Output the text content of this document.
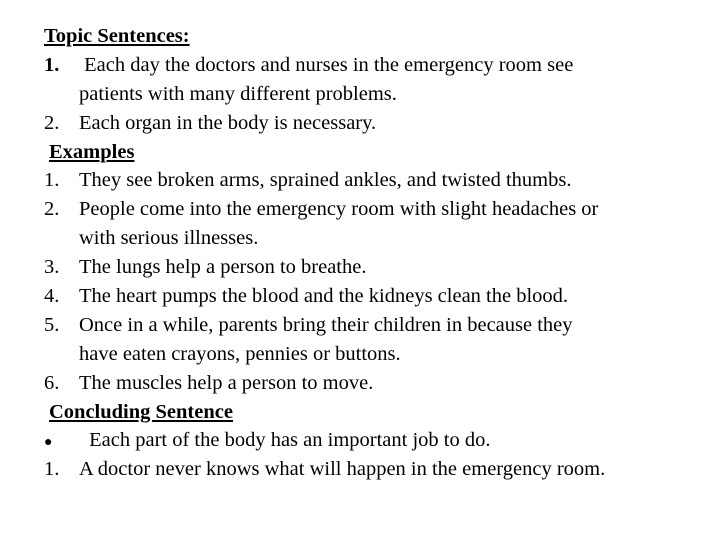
Topic Sentences:
1. Each day the doctors and nurses in the emergency room see
patients with many different problems.
2. Each organ in the body is necessary.
Examples
1. They see broken arms, sprained ankles, and twisted thumbs.
2. People come into the emergency room with slight headaches or
with serious illnesses.
3. The lungs help a person to breathe.
4. The heart pumps the blood and the kidneys clean the blood.
5. Once in a while, parents bring their children in because they
have eaten crayons, pennies or buttons.
6. The muscles help a person to move.
Concluding Sentence
● Each part of the body has an important job to do.
1. A doctor never knows what will happen in the emergency room.
